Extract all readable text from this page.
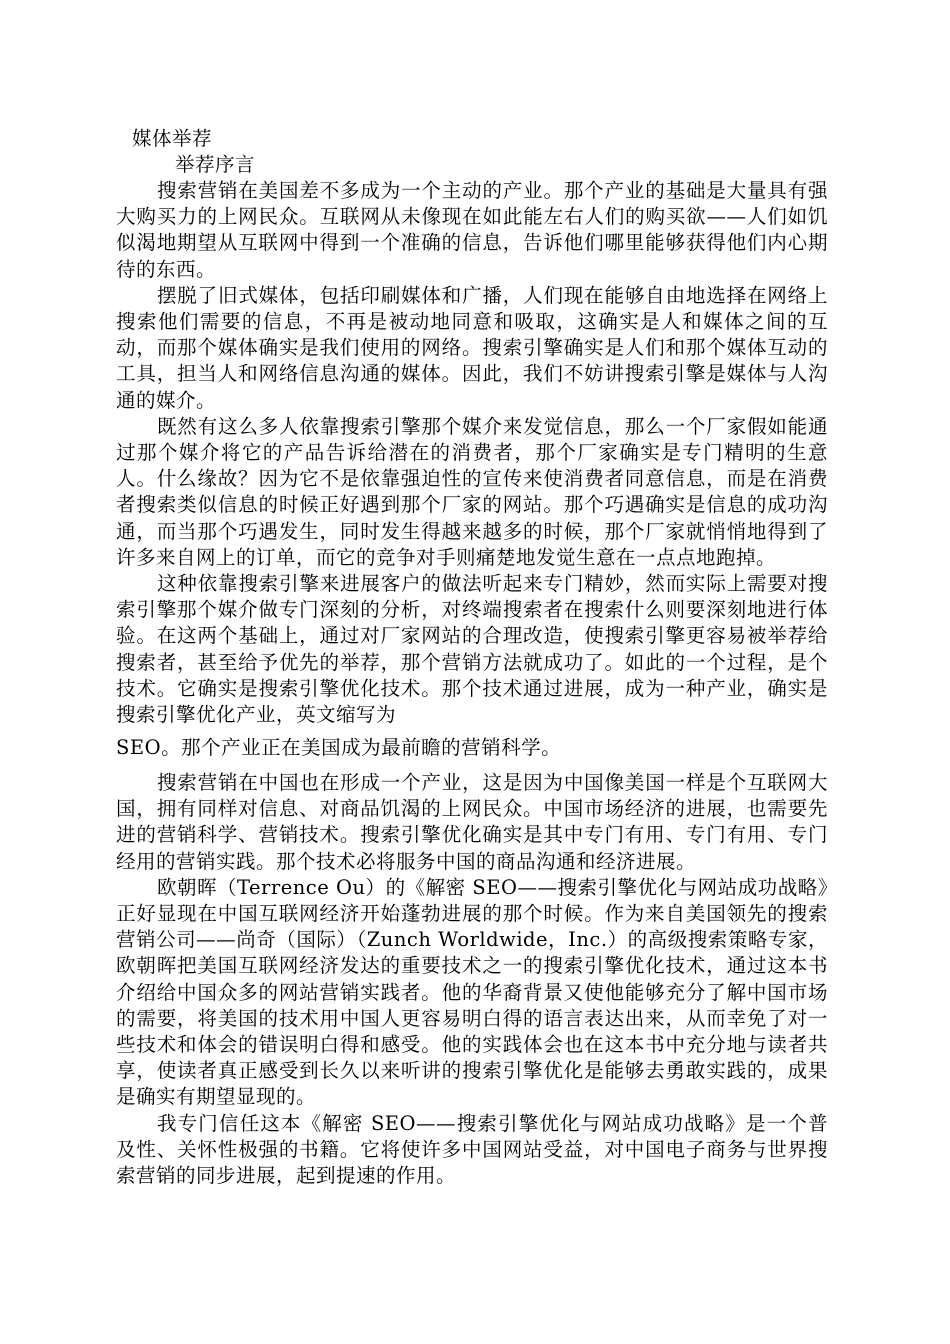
媒体举荐
举荐序言

搜索营销在美国差不多成为一个主动的产业。那个产业的基础是大量具有强大购买力的上网民众。互联网从未像现在如此能左右人们的购买欲——人们如饥似渴地期望从互联网中得到一个准确的信息，告诉他们哪里能够获得他们内心期待的东西。

摆脱了旧式媒体，包括印刷媒体和广播，人们现在能够自由地选择在网络上搜索他们需要的信息，不再是被动地同意和吸取，这确实是人和媒体之间的互动，而那个媒体确实是我们使用的网络。搜索引擎确实是人们和那个媒体互动的工具，担当人和网络信息沟通的媒体。因此，我们不妨讲搜索引擎是媒体与人沟通的媒介。

既然有这么多人依靠搜索引擎那个媒介来发觉信息，那么一个厂家假如能通过那个媒介将它的产品告诉给潜在的消费者，那个厂家确实是专门精明的生意人。什么缘故？因为它不是依靠强迫性的宣传来使消费者同意信息，而是在消费者搜索类似信息的时候正好遇到那个厂家的网站。那个巧遇确实是信息的成功沟通，而当那个巧遇发生，同时发生得越来越多的时候，那个厂家就悄悄地得到了许多来自网上的订单，而它的竞争对手则痛楚地发觉生意在一点点地跑掉。

这种依靠搜索引擎来进展客户的做法听起来专门精妙，然而实际上需要对搜索引擎那个媒介做专门深刻的分析，对终端搜索者在搜索什么则要深刻地进行体验。在这两个基础上，通过对厂家网站的合理改造，使搜索引擎更容易被举荐给搜索者，甚至给予优先的举荐，那个营销方法就成功了。如此的一个过程，是个技术。它确实是搜索引擎优化技术。那个技术通过进展，成为一种产业，确实是搜索引擎优化产业，英文缩写为

SEO。那个产业正在美国成为最前瞻的营销科学。

搜索营销在中国也在形成一个产业，这是因为中国像美国一样是个互联网大国，拥有同样对信息、对商品饥渴的上网民众。中国市场经济的进展，也需要先进的营销科学、营销技术。搜索引擎优化确实是其中专门有用、专门有用、专门经用的营销实践。那个技术必将服务中国的商品沟通和经济进展。

欧朝晖（Terrence Ou）的《解密 SEO——搜索引擎优化与网站成功战略》正好显现在中国互联网经济开始蓬勃进展的那个时候。作为来自美国领先的搜索营销公司——尚奇（国际）（Zunch Worldwide，Inc.）的高级搜索策略专家，欧朝晖把美国互联网经济发达的重要技术之一的搜索引擎优化技术，通过这本书介绍给中国众多的网站营销实践者。他的华裔背景又使他能够充分了解中国市场的需要，将美国的技术用中国人更容易明白得的语言表达出来，从而幸免了对一些技术和体会的错误明白得和感受。他的实践体会也在这本书中充分地与读者共享，使读者真正感受到长久以来听讲的搜索引擎优化是能够去勇敢实践的，成果是确实有期望显现的。

我专门信任这本《解密 SEO——搜索引擎优化与网站成功战略》是一个普及性、关怀性极强的书籍。它将使许多中国网站受益，对中国电子商务与世界搜索营销的同步进展，起到提速的作用。
